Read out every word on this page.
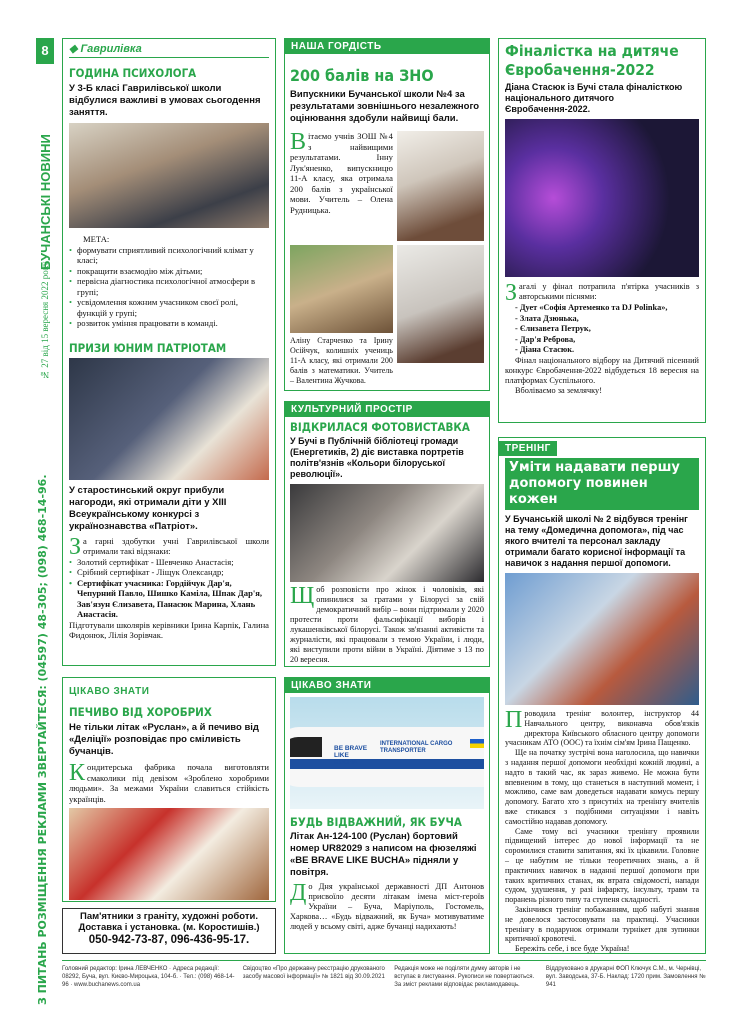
8
БУЧАНСЬКІ НОВИНИ
№ 27 від 15 вересня 2022 року
З ПИТАНЬ РОЗМІЩЕННЯ РЕКЛАМИ ЗВЕРТАЙТЕСЯ: (04597) 48-305; (098) 468-14-96.
◆ Гаврилівка
ГОДИНА ПСИХОЛОГА
У 3-Б класі Гаврилівської школи відбулися важливі в умовах сьогодення заняття.
МЕТА:
• формувати сприятливий психологічний клімат у класі;
• покращити взаємодію між дітьми;
• первісна діагностика психологічної атмосфери в групі;
• усвідомлення кожним учасником своєї ролі, функцій у групі;
• розвиток уміння працювати в команді.
ПРИЗИ ЮНИМ ПАТРІОТАМ
У старостинський округ прибули нагороди, які отримали діти у XIII Всеукраїнському конкурсі з українознавства «Патріот».
За гарні здобутки учні Гаврилівської школи отримали такі відзнаки:
• Золотий сертифікат - Шевченко Анастасія;
• Срібний сертифікат - Ліщук Олександр;
• Сертифікат учасника: Гордійчук Дар'я, Чепурний Павло, Шишко Каміла, Шпак Дар'я, Зав'язун Єлизавета, Панасюк Марина, Хлань Анастасія.
Підготували школярів керівники Ірина Карпік, Галина Фидонюк, Лілія Зорівчак.
ЦІКАВО ЗНАТИ
ПЕЧИВО ВІД ХОРОБРИХ
Не тільки літак «Руслан», а й печиво від «Деліції» розповідає про сміливість бучанців.
Кондитерська фабрика почала виготовляти смаколики під девізом «Зроблено хоробрими людьми». За межами України славиться стійкість українців.
Пам'ятники з граніту, художні роботи.
Доставка і установка. (м. Коростишів.)
050-942-73-87, 096-436-95-17.
НАША ГОРДІСТЬ
200 балів на ЗНО
Випускники Бучанської школи №4 за результатами зовнішнього незалежного оцінювання здобули найвищі бали.
Вітаємо учнів ЗОШ №4 з найвищими результатами. Інну Лук'яненко, випускницю 11-А класу, яка отримала 200 балів з української мови. Учитель – Олена Рудницька.
Аліну Старченко та Ірину Осійчук, колишніх учениць 11-А класу, які отримали 200 балів з математики. Учитель – Валентина Жучкова.
КУЛЬТУРНИЙ ПРОСТІР
ВІДКРИЛАСЯ ФОТОВИСТАВКА
У Бучі в Публічній бібліотеці громади (Енергетиків, 2) діє виставка портретів політв'язнів «Кольори білоруської революції».
Щоб розповісти про жінок і чоловіків, які опинилися за гратами у Білорусі за свій демократичний вибір – вони підтримали у 2020 протести проти фальсифікації виборів і лукашенківської білорусі. Також зв'язанні активісти та журналісти, які працювали з темою України, і люди, які виступили проти війни в Україні. Діятиме з 13 по 20 вересня.
ЦІКАВО ЗНАТИ
INTERNATIONAL CARGO TRANSPORTER
BE BRAVE LIKE BUCHA
БУДЬ ВІДВАЖНИЙ, ЯК БУЧА
Літак Ан-124-100 (Руслан) бортовий номер UR82029 з написом на фюзеляжі «BE BRAVE LIKE BUCHA» підняли у повітря.
До Дня української державності ДП Антонов присвоїло десяти літакам імена міст-героїв України – Буча, Маріуполь, Гостомель, Харкова… «Будь відважний, як Буча» мотивуватиме людей у всьому світі, адже бучанці надихають!
Фіналістка на дитяче Євробачення-2022
Діана Стасюк із Бучі стала фіналісткою національного дитячого Євробачення-2022.
Загалі у фінал потрапила п'ятірка учасників з авторськими піснями:
- Дует «Софія Артеменко та DJ Polinka»,
- Злата Дзюнька,
- Єлизавета Петрук,
- Дар'я Реброва,
- Діана Стасюк.
Фінал національного відбору на Дитячий пісенний конкурс Євробачення-2022 відбудеться 18 вересня на платформах Суспільного.
Вболіваємо за землячку!
ТРЕНІНГ
Уміти надавати першу допомогу повинен кожен
У Бучанській школі № 2 відбувся тренінг на тему «Домедична допомога», під час якого вчителі та персонал закладу отримали багато корисної інформації та навичок з надання першої допомоги.
Проводила тренінг волонтер, інструктор 44 Навчального центру, виконавча обов'язків директора Київського обласного центру допомоги учасникам АТО (ООС) та їхнім сім'ям Ірина Пащенко.
Ще на початку зустрічі вона наголосила, що навички з надання першої допомоги необхідні кожній людині, а надто в такий час, як зараз живемо. Не можна бути впевненим в тому, що станеться в наступний момент, і можливо, саме вам доведеться надавати комусь першу допомогу. Багато хто з присутніх на тренінгу вчителів вже стикався з подібними ситуаціями і навіть самостійно надавав допомогу.
Саме тому всі учасники тренінгу проявили підвищений інтерес до нової інформації та не соромилися ставити запитання, які їх цікавили. Головне – це набутим не тільки теоретичних знань, а й практичних навичок в наданні першої допомоги при таких критичних станах, як втрата свідомості, напади судом, удушення, у разі інфаркту, інсульту, травм та поранень різного типу та ступеня складності.
Закінчився тренінг побажанням, щоб набуті знання не довелося застосовувати на практиці. Учасники тренінгу в подарунок отримали турнікет для зупинки критичної кровотечі.
Бережіть себе, і все буде Україна!
Головний редактор: Ірина ЛЕВЧЕНКО · Адреса редакції: 08292, Буча, вул. Києво-Мироцька, 104-б. · Тел.: (098) 468-14-96 · www.buchanews.com.ua
Свідоцтво «Про державну реєстрацію друкованого засобу масової інформації» № 1821 від 30.09.2021
Редакція може не поділяти думку авторів і не вступає в листування. Рукописи не повертаються. За зміст реклами відповідає рекламодавець.
Віддруковано в друкарні ФОП Ключук С.М., м. Чернівці, вул. Заводська, 37-Б. Наклад: 1720 прим. Замовлення № 941
